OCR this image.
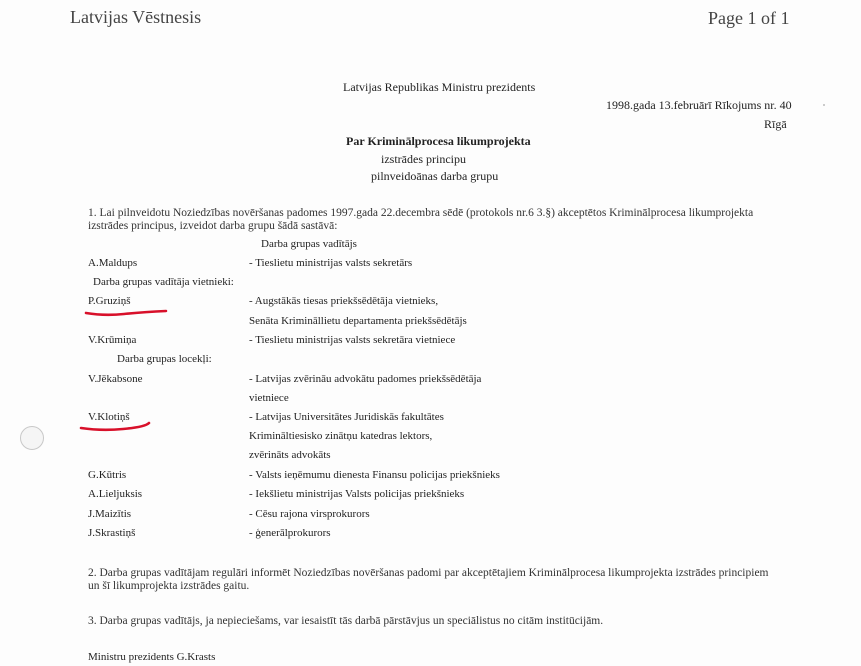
Latvijas Vēstnesis	Page 1 of 1
Latvijas Republikas Ministru prezidents
1998.gada 13.februārī Rīkojums nr. 40
Rīgā
Par Kriminālprocesa likumprojekta
izstrādes principu
pilnveidoānas darba grupu
1. Lai pilnveidotu Noziedzības novēršanas padomes 1997.gada 22.decembra sēdē (protokols nr.6 3.§) akceptētos Kriminālprocesa likumprojekta
izstrādes principus, izveidot darba grupu šādā sastāvā:
Darba grupas vadītājs
A.Maldups	- Tieslietu ministrijas valsts sekretārs
Darba grupas vadītāja vietnieki:
P.Gruziņš	- Augstākās tiesas priekšsēdētāja vietnieks,
Senāta Krimināllietu departamenta priekšsēdētājs
V.Krūmiņa	- Tieslietu ministrijas valsts sekretāra vietniece
Darba grupas locekļi:
V.Jēkabsone	- Latvijas zvērināu advokātu padomes priekšsēdētāja
vietniece
V.Klotiņš	- Latvijas Universitātes Juridiskās fakultātes
Krimināltiesisko zinātņu katedras lektors,
zvērināts advokāts
G.Kūtris	- Valsts ieņēmumu dienesta Finansu policijas priekšnieks
A.Lieljuksis	- Iekšlietu ministrijas Valsts policijas priekšnieks
J.Maizītis	- Cēsu rajona virsprokurors
J.Skrastiņš	- ģenerālprokurors
2. Darba grupas vadītājam regulāri informēt Noziedzības novēršanas padomi par akceptētajiem Kriminālprocesa likumprojekta izstrādes principiem
un šī likumprojekta izstrādes gaitu.
3. Darba grupas vadītājs, ja nepieciešams, var iesaistīt tās darbā pārstāvjus un speciālistus no citām institūcijām.
Ministru prezidents G.Krasts
